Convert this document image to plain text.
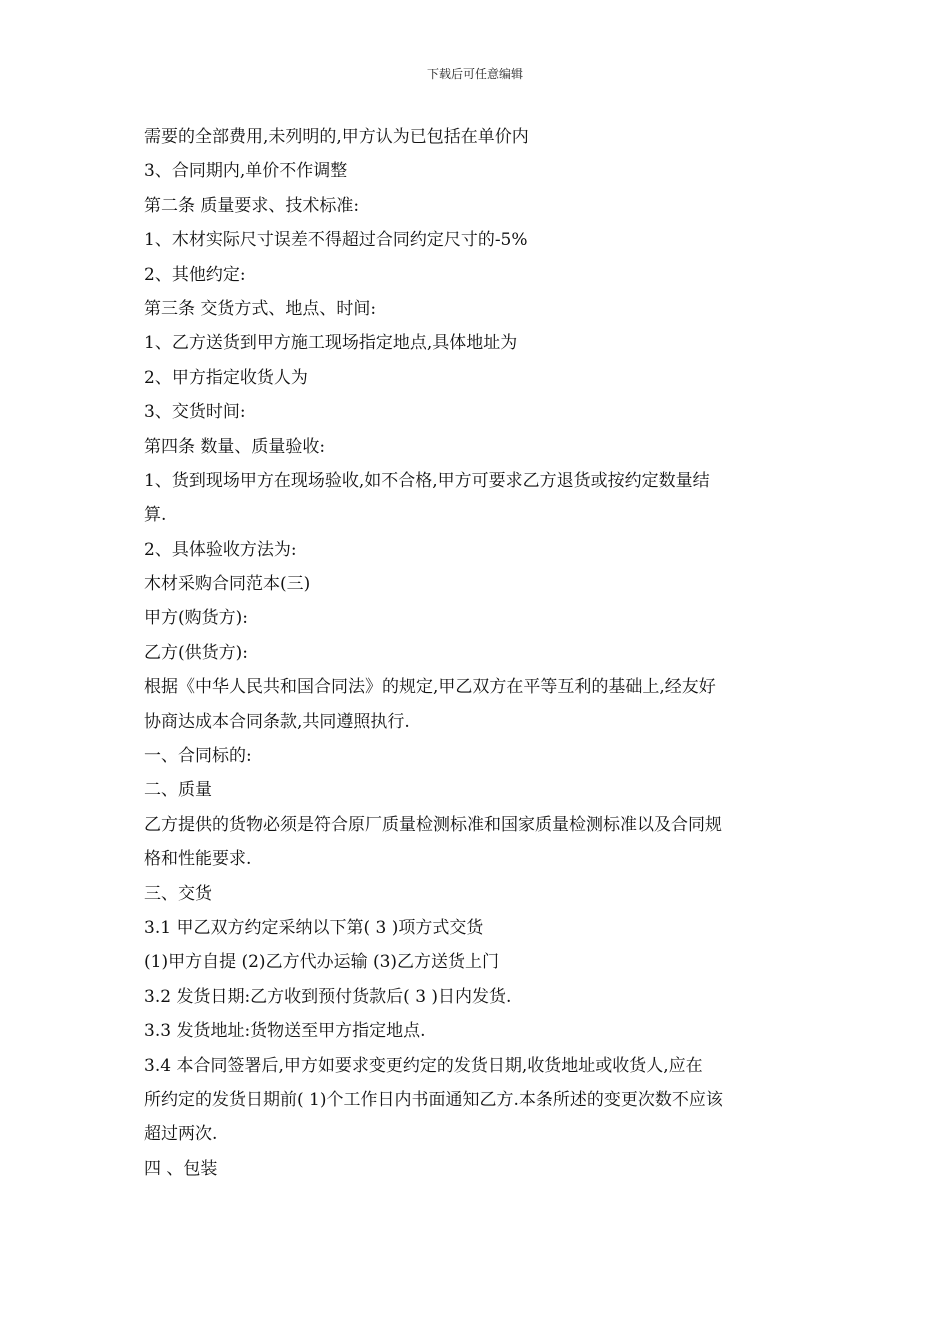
下载后可任意编辑
需要的全部费用,未列明的,甲方认为已包括在单价内
3、合同期内,单价不作调整
第二条 质量要求、技术标准:
1、木材实际尺寸误差不得超过合同约定尺寸的-5%
2、其他约定:
第三条 交货方式、地点、时间:
1、乙方送货到甲方施工现场指定地点,具体地址为
2、甲方指定收货人为
3、交货时间:
第四条 数量、质量验收:
1、货到现场甲方在现场验收,如不合格,甲方可要求乙方退货或按约定数量结
算.
2、具体验收方法为:
木材采购合同范本(三)
甲方(购货方):
乙方(供货方):
根据《中华人民共和国合同法》的规定,甲乙双方在平等互利的基础上,经友好
协商达成本合同条款,共同遵照执行.
一、合同标的:
二、质量
乙方提供的货物必须是符合原厂质量检测标准和国家质量检测标准以及合同规
格和性能要求.
三、交货
3.1 甲乙双方约定采纳以下第( 3 )项方式交货
(1)甲方自提 (2)乙方代办运输 (3)乙方送货上门
3.2 发货日期:乙方收到预付货款后( 3 )日内发货.
3.3 发货地址:货物送至甲方指定地点.
3.4 本合同签署后,甲方如要求变更约定的发货日期,收货地址或收货人,应在
所约定的发货日期前( 1)个工作日内书面通知乙方.本条所述的变更次数不应该
超过两次.
四 、包装
